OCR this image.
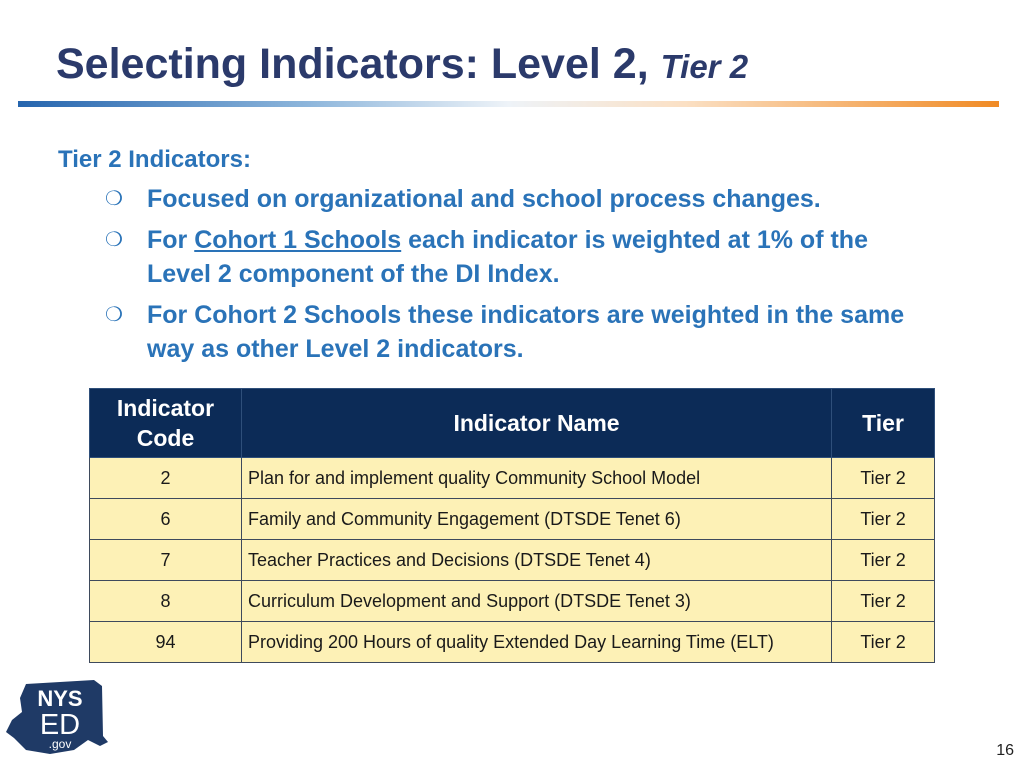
Selecting Indicators: Level 2, Tier 2
Tier 2 Indicators:
❍ Focused on organizational and school process changes.
❍ For Cohort 1 Schools each indicator is weighted at 1% of the Level 2 component of the DI Index.
❍ For Cohort 2 Schools these indicators are weighted in the same way as other Level 2 indicators.
Indicator Code	Indicator Name	Tier
2	Plan for and implement quality Community School Model	Tier 2
6	Family and Community Engagement (DTSDE Tenet 6)	Tier 2
7	Teacher Practices and Decisions (DTSDE Tenet 4)	Tier 2
8	Curriculum Development and Support (DTSDE Tenet 3)	Tier 2
94	Providing 200 Hours of quality Extended Day Learning Time (ELT)	Tier 2
NYS
ED
.gov	16
